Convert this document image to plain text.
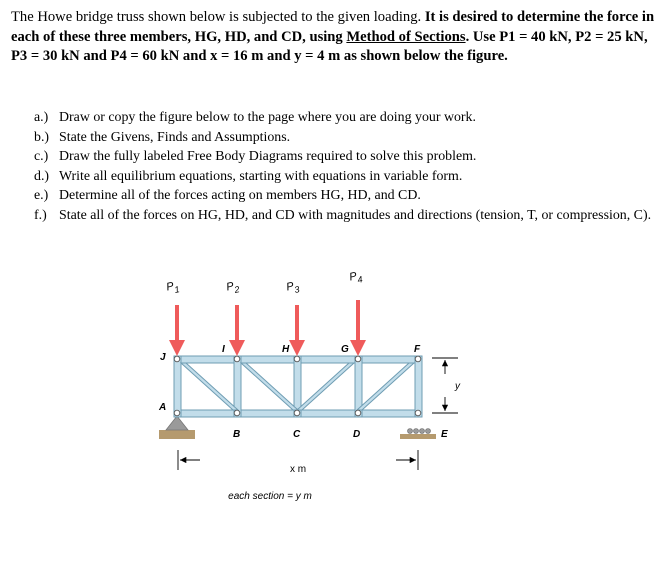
The Howe bridge truss shown below is subjected to the given loading. It is desired to determine the force in each of these three members, HG, HD, and CD, using Method of Sections. Use P1 = 40 kN, P2 = 25 kN, P3 = 30 kN and P4 = 60 kN and x = 16 m and y = 4 m as shown below the figure.
a.) Draw or copy the figure below to the page where you are doing your work.
b.) State the Givens, Finds and Assumptions.
c.) Draw the fully labeled Free Body Diagrams required to solve this problem.
d.) Write all equilibrium equations, starting with equations in variable form.
e.) Determine all of the forces acting on members HG, HD, and CD.
f.) State all of the forces on HG, HD, and CD with magnitudes and directions (tension, T, or compression, C).
$P_1$	$P_2$	$P_3$
$P_4$
J
I	H	G	F
A
B	C	D	E
y
x m
each section = y m
